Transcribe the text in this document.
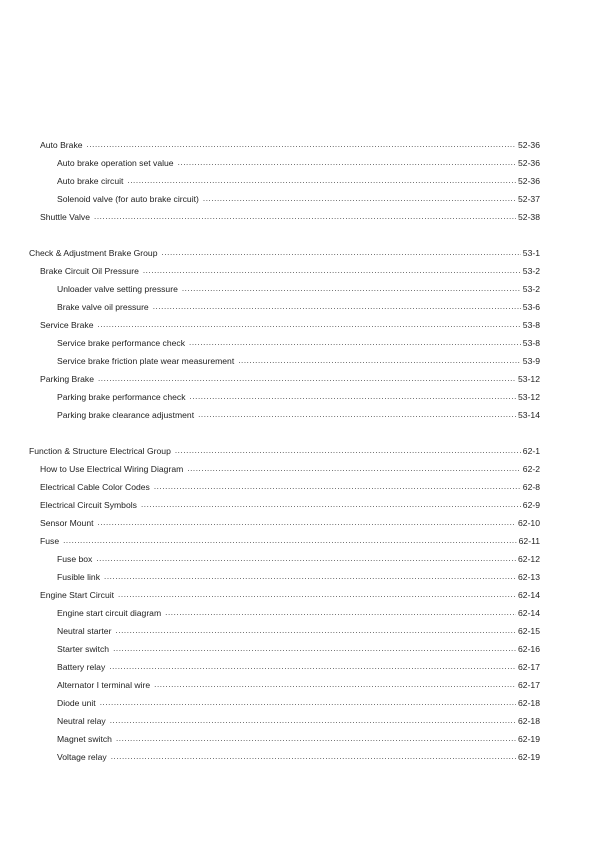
Auto Brake .....	52-36
Auto brake operation set value .....	52-36
Auto brake circuit .....	52-36
Solenoid valve (for auto brake circuit) .....	52-37
Shuttle Valve .....	52-38
Check & Adjustment Brake Group .....	53-1
Brake Circuit Oil Pressure .....	53-2
Unloader valve setting pressure .....	53-2
Brake valve oil pressure .....	53-6
Service Brake .....	53-8
Service brake performance check .....	53-8
Service brake friction plate wear measurement .....	53-9
Parking Brake .....	53-12
Parking brake performance check .....	53-12
Parking brake clearance adjustment .....	53-14
Function & Structure Electrical Group .....	62-1
How to Use Electrical Wiring Diagram .....	62-2
Electrical Cable Color Codes .....	62-8
Electrical Circuit Symbols .....	62-9
Sensor Mount .....	62-10
Fuse .....	62-11
Fuse box .....	62-12
Fusible link .....	62-13
Engine Start Circuit .....	62-14
Engine start circuit diagram .....	62-14
Neutral starter .....	62-15
Starter switch .....	62-16
Battery relay .....	62-17
Alternator I terminal wire .....	62-17
Diode unit .....	62-18
Neutral relay .....	62-18
Magnet switch .....	62-19
Voltage relay .....	62-19
